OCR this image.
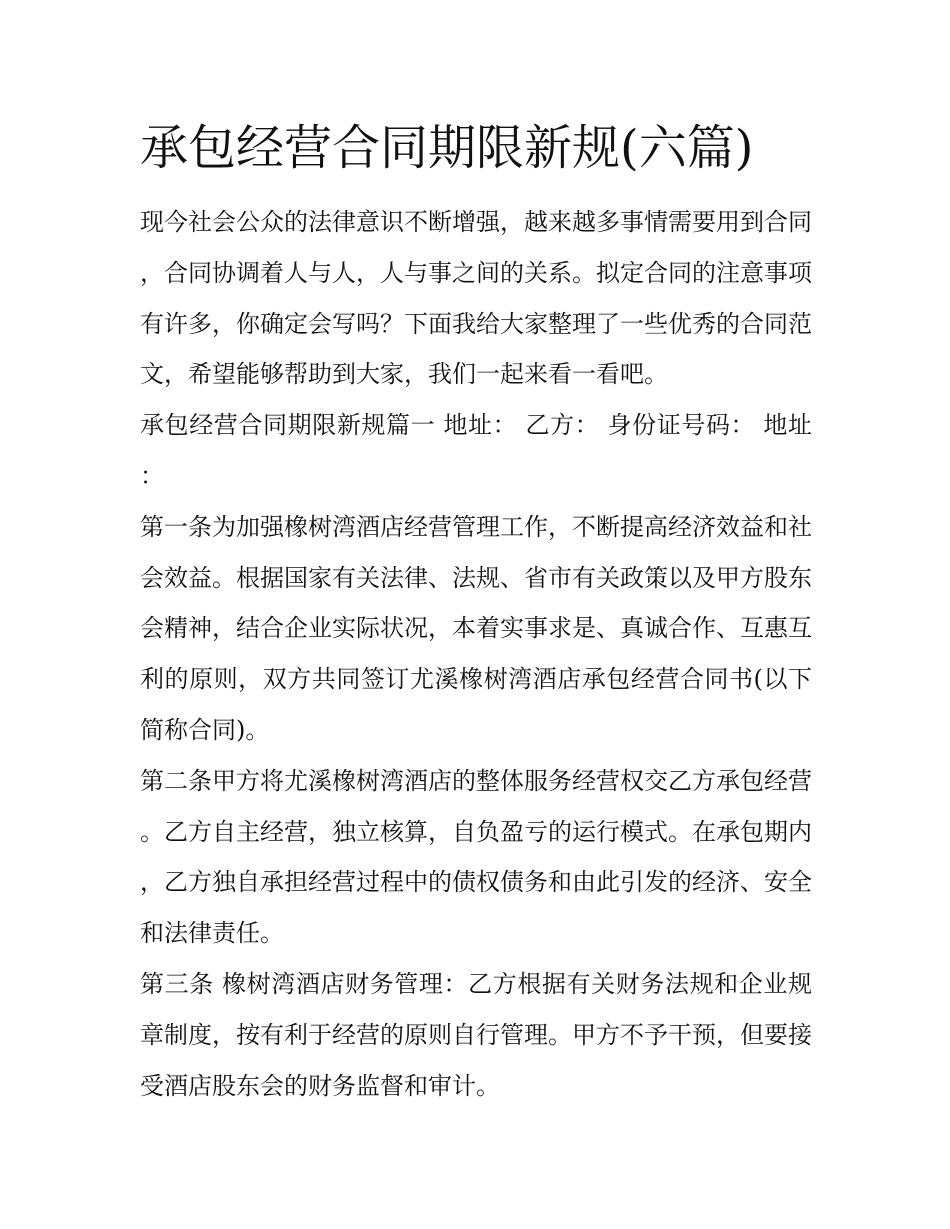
承包经营合同期限新规(六篇)

现今社会公众的法律意识不断增强，越来越多事情需要用到合同，合同协调着人与人，人与事之间的关系。拟定合同的注意事项有许多，你确定会写吗？下面我给大家整理了一些优秀的合同范文，希望能够帮助到大家，我们一起来看一看吧。

承包经营合同期限新规篇一 地址： 乙方： 身份证号码： 地址：

第一条为加强橡树湾酒店经营管理工作，不断提高经济效益和社会效益。根据国家有关法律、法规、省市有关政策以及甲方股东会精神，结合企业实际状况，本着实事求是、真诚合作、互惠互利的原则，双方共同签订尤溪橡树湾酒店承包经营合同书(以下简称合同)。

第二条甲方将尤溪橡树湾酒店的整体服务经营权交乙方承包经营。乙方自主经营，独立核算，自负盈亏的运行模式。在承包期内，乙方独自承担经营过程中的债权债务和由此引发的经济、安全和法律责任。

第三条 橡树湾酒店财务管理：乙方根据有关财务法规和企业规章制度，按有利于经营的原则自行管理。甲方不予干预，但要接受酒店股东会的财务监督和审计。
